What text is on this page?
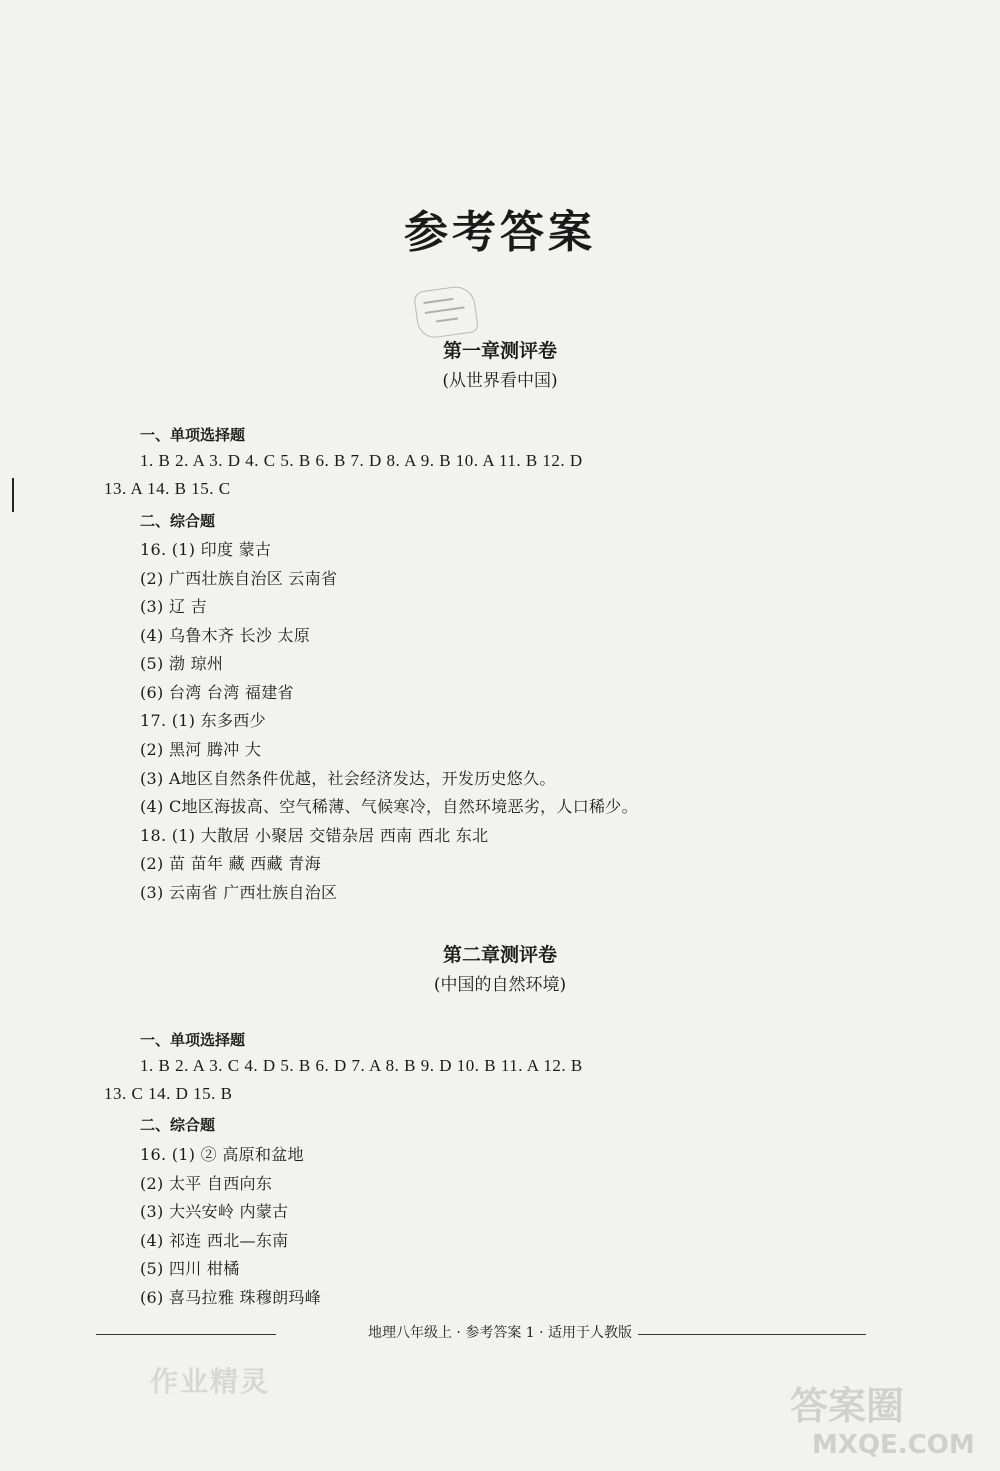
参考答案
第一章测评卷
(从世界看中国)
一、单项选择题
1. B 2. A 3. D 4. C 5. B 6. B 7. D 8. A 9. B 10. A 11. B 12. D
13. A 14. B 15. C
二、综合题
16. (1) 印度 蒙古
(2) 广西壮族自治区 云南省
(3) 辽 吉
(4) 乌鲁木齐 长沙 太原
(5) 渤 琼州
(6) 台湾 台湾 福建省
17. (1) 东多西少
(2) 黑河 腾冲 大
(3) A地区自然条件优越，社会经济发达，开发历史悠久。
(4) C地区海拔高、空气稀薄、气候寒冷，自然环境恶劣，人口稀少。
18. (1) 大散居 小聚居 交错杂居 西南 西北 东北
(2) 苗 苗年 藏 西藏 青海
(3) 云南省 广西壮族自治区
第二章测评卷
(中国的自然环境)
一、单项选择题
1. B 2. A 3. C 4. D 5. B 6. D 7. A 8. B 9. D 10. B 11. A 12. B
13. C 14. D 15. B
二、综合题
16. (1) ② 高原和盆地
(2) 太平 自西向东
(3) 大兴安岭 内蒙古
(4) 祁连 西北—东南
(5) 四川 柑橘
(6) 喜马拉雅 珠穆朗玛峰
地理八年级上 · 参考答案 1 · 适用于人教版
作业精灵
答案圈
MXQE.COM
